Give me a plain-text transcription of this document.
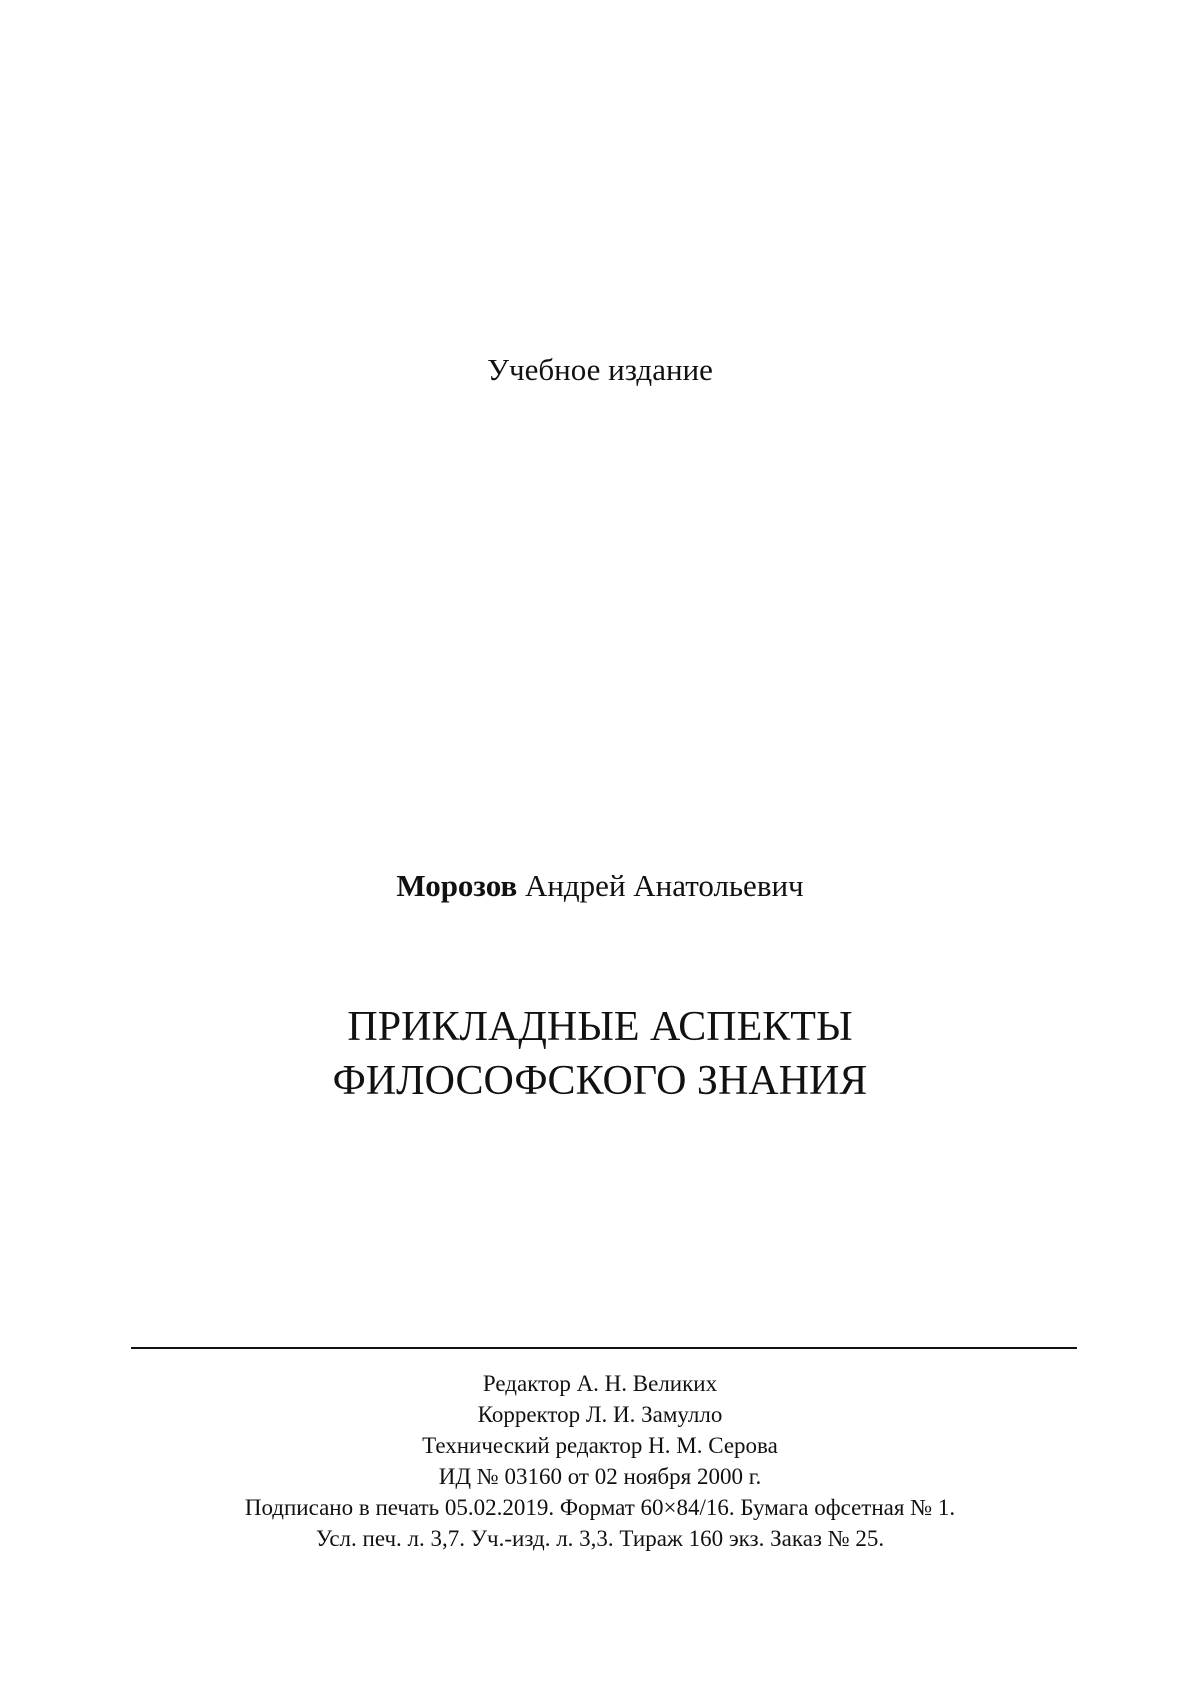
Учебное издание
Морозов Андрей Анатольевич
ПРИКЛАДНЫЕ АСПЕКТЫ
ФИЛОСОФСКОГО ЗНАНИЯ
Редактор А. Н. Великих
Корректор Л. И. Замулло
Технический редактор Н. М. Серова
ИД № 03160 от 02 ноября 2000 г.
Подписано в печать 05.02.2019. Формат 60×84/16. Бумага офсетная № 1.
Усл. печ. л. 3,7. Уч.-изд. л. 3,3. Тираж 160 экз. Заказ № 25.
